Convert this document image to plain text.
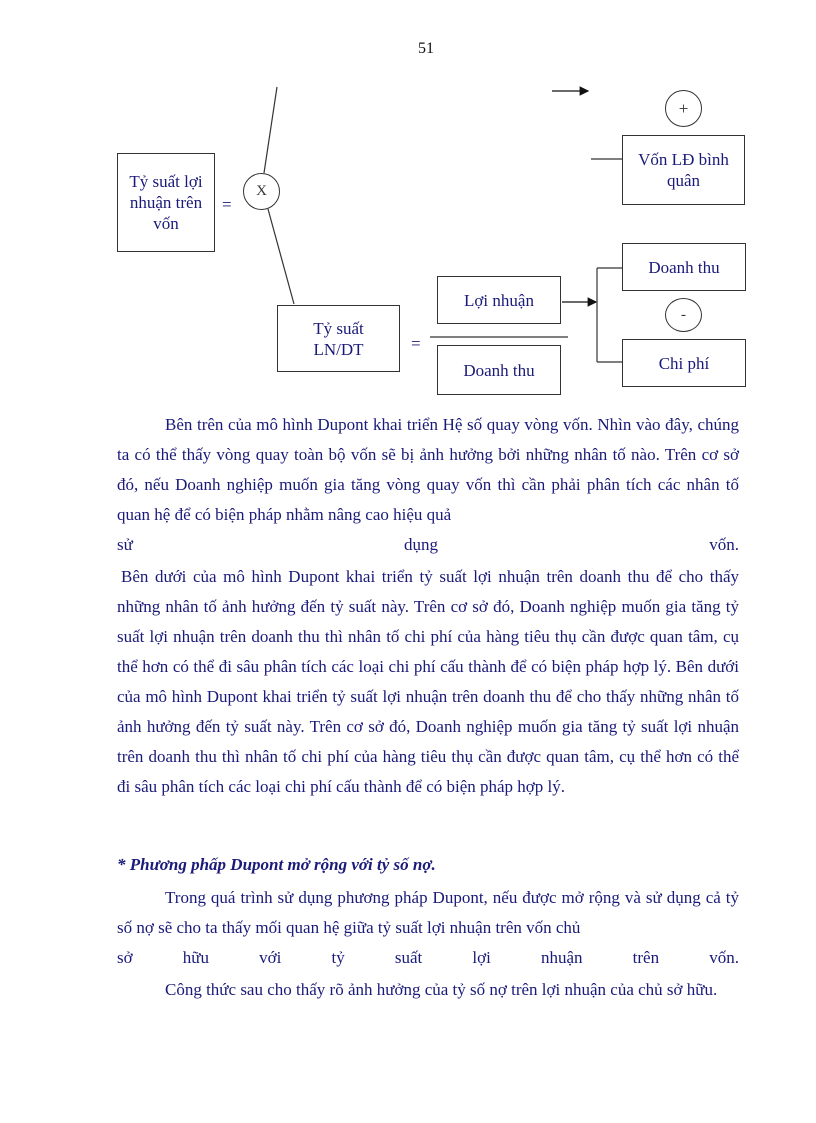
51
Tỷ suất lợi nhuận trên vốn
=
X
+
Vốn LĐ bình quân
Tỷ suất LN/DT	=
Lợi nhuận
Doanh thu
Doanh thu
-
Chi phí
Bên trên của mô hình Dupont khai triển Hệ số quay vòng vốn. Nhìn vào đây, chúng ta có thể thấy vòng quay toàn bộ vốn sẽ bị ảnh hưởng bởi những nhân tố nào. Trên cơ sở đó, nếu Doanh nghiệp muốn gia tăng vòng quay vốn thì cần phải phân tích các nhân tố quan hệ để có biện pháp nhằm nâng cao hiệu quả
sử	dụng	vốn.
Bên dưới của mô hình Dupont khai triển tỷ suất lợi nhuận trên doanh thu để cho thấy những nhân tố ảnh hưởng đến tỷ suất này. Trên cơ sở đó, Doanh nghiệp muốn gia tăng tỷ suất lợi nhuận trên doanh thu thì nhân tố chi phí của hàng tiêu thụ cần được quan tâm, cụ thể hơn có thể đi sâu phân tích các loại chi phí cấu thành để có biện pháp hợp lý. Bên dưới của mô hình Dupont khai triển tỷ suất lợi nhuận trên doanh thu để cho thấy những nhân tố ảnh hưởng đến tỷ suất này. Trên cơ sở đó, Doanh nghiệp muốn gia tăng tỷ suất lợi nhuận trên doanh thu thì nhân tố chi phí của hàng tiêu thụ cần được quan tâm, cụ thể hơn có thể đi sâu phân tích các loại chi phí cấu thành để có biện pháp hợp lý.

* Phương phấp Dupont mở rộng với tỷ số nợ.

Trong quá trình sử dụng phương pháp Dupont, nếu được mở rộng và sử dụng cả tỷ số nợ sẽ cho ta thấy mối quan hệ giữa tỷ suất lợi nhuận trên vốn chủ
sở	hữu	với	tỷ	suất	lợi	nhuận	trên	vốn.
Công thức sau cho thấy rõ ảnh hưởng của tỷ số nợ trên lợi nhuận của chủ sở hữu.
